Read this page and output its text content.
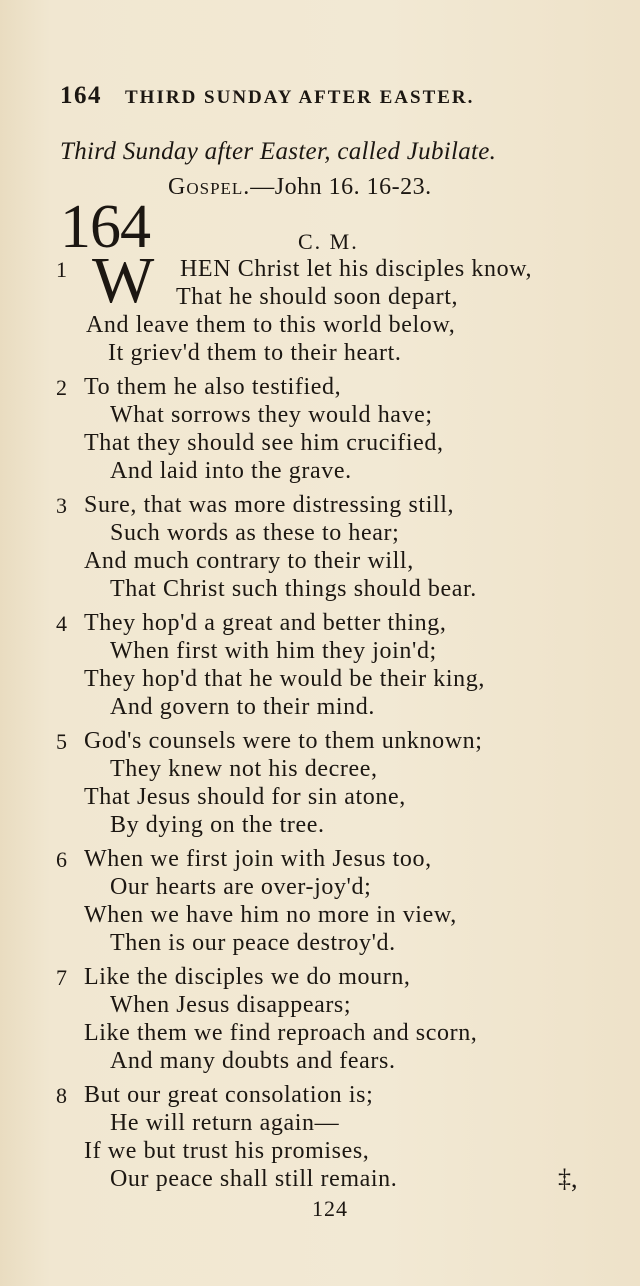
164 THIRD SUNDAY AFTER EASTER.
Third Sunday after Easter, called Jubilate.
Gospel.—John 16. 16-23.
164	C. M.
1 W HEN Christ let his disciples know,
That he should soon depart,
And leave them to this world below,
It griev'd them to their heart.
2 To them he also testified,
What sorrows they would have;
That they should see him crucified,
And laid into the grave.
3 Sure, that was more distressing still,
Such words as these to hear;
And much contrary to their will,
That Christ such things should bear.
4 They hop'd a great and better thing,
When first with him they join'd;
They hop'd that he would be their king,
And govern to their mind.
5 God's counsels were to them unknown;
They knew not his decree,
That Jesus should for sin atone,
By dying on the tree.
6 When we first join with Jesus too,
Our hearts are over-joy'd;
When we have him no more in view,
Then is our peace destroy'd.
7 Like the disciples we do mourn,
When Jesus disappears;
Like them we find reproach and scorn,
And many doubts and fears.
8 But our great consolation is;
He will return again—
If we but trust his promises,
Our peace shall still remain.	‡,
124
